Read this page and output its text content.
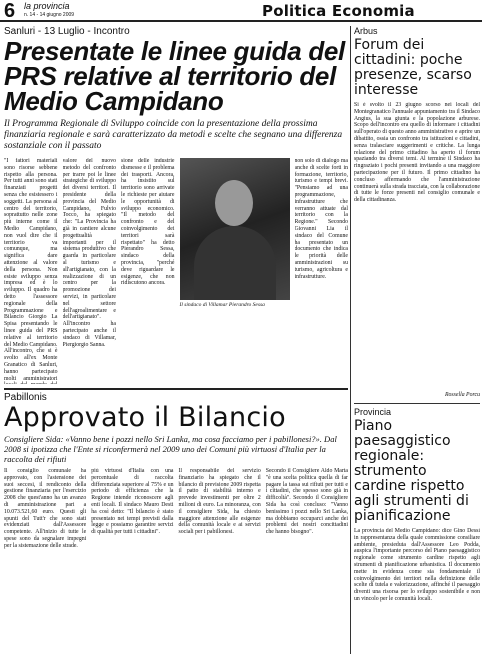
6 la provincia
n. 14 - 14 giugno 2009	Politica Economia
Sanluri - 13 Luglio - Incontro
Presentate le linee guida del PRS relative al territorio del Medio Campidano
Il Programma Regionale di Sviluppo coincide con la presentazione della prossima finanziaria regionale e sarà caratterizzato da metodi e scelte che segnano una differenza sostanziale con il passato
"I fattori materiali sono risorse sebbene rispetto alla persona. Per tutti anni sono stati finanziati progetti senza che esistessero i soggetti. La persona al centro del territorio, soprattutto nelle zone più interne come il Medio Campidano, non vuol dire che il territorio va comunque, ma significa dare attenzione al valore della persona. Non esiste sviluppo senza impresa ed è lo sviluppo. Il quadro ha detto l'assessore regionale della Programmazione e Bilancio Giorgio La Spisa presentando le linee guida del PRS relative al territorio del Medio Campidano. All'incontro, che si è svolto all'ex Monte Granatico di Sanluri, hanno partecipato molti amministratori
valore del nuovo metodo del confronto per trarre poi le linee strategiche di sviluppo dei diversi territori. Il presidente della provincia del Medio Campidano, Fulvio Tocco, ha spiegato che: "La Provincia ha già in cantiere alcune progettualità importanti per il sistema produttivo che guarda in particolare al turismo e all'artigianato, con la realizzazione di un centro per la promozione dei servizi, in particolare nel settore dell'agroalimentare e dell'artigianato". All'incontro ha partecipato anche il sindaco di Villamar, Piergiorgio Sanna.
sione delle industrie dismesse e il problema dei trasporti. Ancora, ha insistito sul territorio sono arrivate le richieste per aiutare le opportunità di sviluppo economico. "Il metodo del confronto e del coinvolgimento dei territori sarà rispettato" ha detto Pierandro Sessa, sindaco della provincia, "perché deve riguardare le esigenze, che non ridiscutono ancora.
Il sindaco di Villamar Pierandro Sessa
non solo di dialogo ma anche di scelte forti in formazione, territorio, turismo e tempi brevi. "Pensiamo ad una programmazione, infrastrutture che verranno attuate dal territorio con la Regione." Secondo Giovanni Lia il sindaco del Comune ha presentato un documento che indica le priorità delle amministrazioni su turismo, agricoltura e infrastrutture.
Pabillonis
Approvato il Bilancio
Consigliere Sida: «Vanno bene i pozzi nello Sri Lanka, ma cosa facciamo per i pabillonesi?». Dal 2008 si ipotizza che l'Ente si riconfermerà nel 2009 uno dei Comuni più virtuosi d'Italia per la raccolta dei rifiuti
Il consiglio comunale ha approvato, con l'astensione dei suoi seccesi, il rendiconto della gestione finanziaria per l'esercizio 2008 che quest'anno ha un avanzo di amministrazione pari a 10.073.521,60 euro. Questi gli spunti del Tutt'r che sono stati evidenziati dall'Assessore competente. All'inizio di tutte le spese sono da segnalare impegni per la sistemazione delle strade.
più virtuosi d'Italia con una percentuale di raccolta differenziata superiore al 75% e un periodo di efficienza che la Regione intende riconoscere agli enti locali. Il sindaco Mauro Desti ha così detto: "Il bilancio è stato presentato nei tempi previsti dalla legge e possiamo garantire servizi di qualità per tutti i cittadini".
Il responsabile del servizio finanziario ha spiegato che il bilancio di previsione 2009 rispetta il patto di stabilità interno e prevede investimenti per oltre 2 milioni di euro. La minoranza, con il consigliere Sida, ha chiesto maggiore attenzione alle esigenze della comunità locale e ai servizi sociali per i pabillonesi.
Secondo il Consigliere Aldo Marta "è una scelta politica quella di far pagare la tassa sui rifiuti per tutti e i cittadini, che spesso sono già in difficoltà". Secondo il Consigliere Sida ha così concluso: "Vanno benissimo i pozzi nello Sri Lanka, ma dobbiamo occuparci anche dei problemi dei nostri concittadini che hanno bisogno".
Arbus
Forum dei cittadini: poche presenze, scarso interesse
Si è svolto il 23 giugno scorso nei locali del Montegranatico l'annuale appuntamento tra il Sindaco Angius, la sua giunta e la popolazione arburese. Scopo dell'incontro era quello di informare i cittadini sull'operato di questo anno amministrativo e aprire un dibattito, ossia un confronto tra istituzioni e cittadini, senza tralasciare suggerimenti e critiche. La lunga relazione del primo cittadino ha aperto il forum spaziando tra diversi temi. Al termine il Sindaco ha ringraziato i pochi presenti invitando a una maggiore partecipazione per il futuro. Il primo cittadino ha concluso affermando che l'amministrazione continuerà sulla strada tracciata, con la collaborazione di tutte le forze presenti nel consiglio comunale e della cittadinanza.
Rossella Porcu
Provincia
Piano paesaggistico regionale: strumento cardine rispetto agli strumenti di pianificazione
La provincia del Medio Campidano: dice Gino Dessì in rappresentanza della quale commissione consiliare ambiente, presieduta dall'Assessore Leo Podda, auspica l'importante percorso del Piano paesaggistico regionale come strumento cardine rispetto agli strumenti di pianificazione urbanistica. Il documento mette in evidenza come sia fondamentale il coinvolgimento dei territori nella definizione delle scelte di tutela e valorizzazione, affinché il paesaggio diventi una risorsa per lo sviluppo sostenibile e non un vincolo per le comunità locali.
